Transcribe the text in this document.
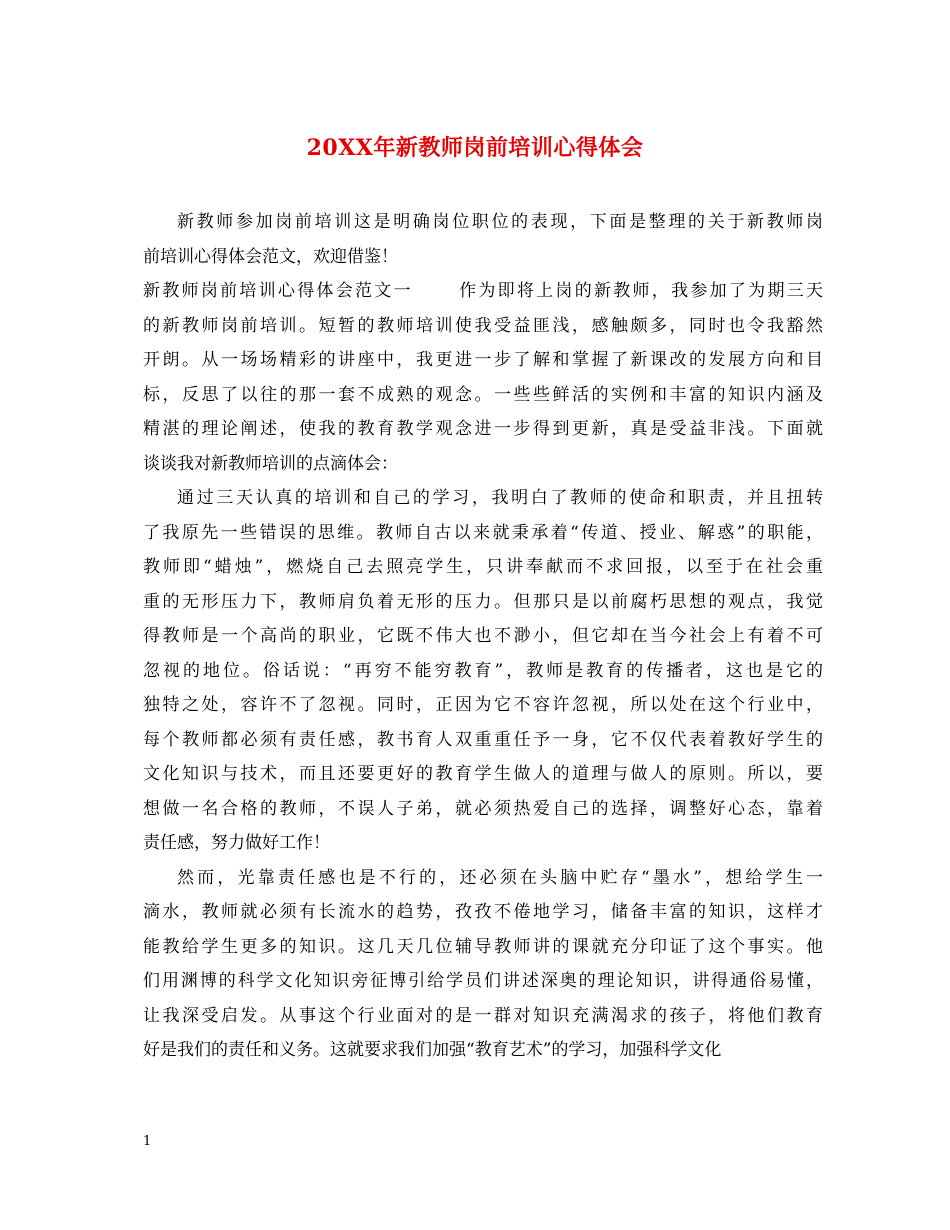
20XX年新教师岗前培训心得体会
新教师参加岗前培训这是明确岗位职位的表现，下面是整理的关于新教师岗
前培训心得体会范文，欢迎借鉴！
新教师岗前培训心得体会范文一　　 作为即将上岗的新教师，我参加了为期三天
的新教师岗前培训。短暂的教师培训使我受益匪浅，感触颇多，同时也令我豁然
开朗。从一场场精彩的讲座中，我更进一步了解和掌握了新课改的发展方向和目
标，反思了以往的那一套不成熟的观念。一些些鲜活的实例和丰富的知识内涵及
精湛的理论阐述，使我的教育教学观念进一步得到更新，真是受益非浅。下面就
谈谈我对新教师培训的点滴体会：
通过三天认真的培训和自己的学习，我明白了教师的使命和职责，并且扭转
了我原先一些错误的思维。教师自古以来就秉承着“传道、授业、解惑”的职能，
教师即“蜡烛”，燃烧自己去照亮学生，只讲奉献而不求回报，以至于在社会重
重的无形压力下，教师肩负着无形的压力。但那只是以前腐朽思想的观点，我觉
得教师是一个高尚的职业，它既不伟大也不渺小，但它却在当今社会上有着不可
忽视的地位。俗话说：“再穷不能穷教育”，教师是教育的传播者，这也是它的
独特之处，容许不了忽视。同时，正因为它不容许忽视，所以处在这个行业中，
每个教师都必须有责任感，教书育人双重重任予一身，它不仅代表着教好学生的
文化知识与技术，而且还要更好的教育学生做人的道理与做人的原则。所以，要
想做一名合格的教师，不误人子弟，就必须热爱自己的选择，调整好心态，靠着
责任感，努力做好工作！
然而，光靠责任感也是不行的，还必须在头脑中贮存“墨水”，想给学生一
滴水，教师就必须有长流水的趋势，孜孜不倦地学习，储备丰富的知识，这样才
能教给学生更多的知识。这几天几位辅导教师讲的课就充分印证了这个事实。他
们用渊博的科学文化知识旁征博引给学员们讲述深奥的理论知识，讲得通俗易懂，
让我深受启发。从事这个行业面对的是一群对知识充满渴求的孩子，将他们教育
好是我们的责任和义务。这就要求我们加强“教育艺术”的学习，加强科学文化
1
